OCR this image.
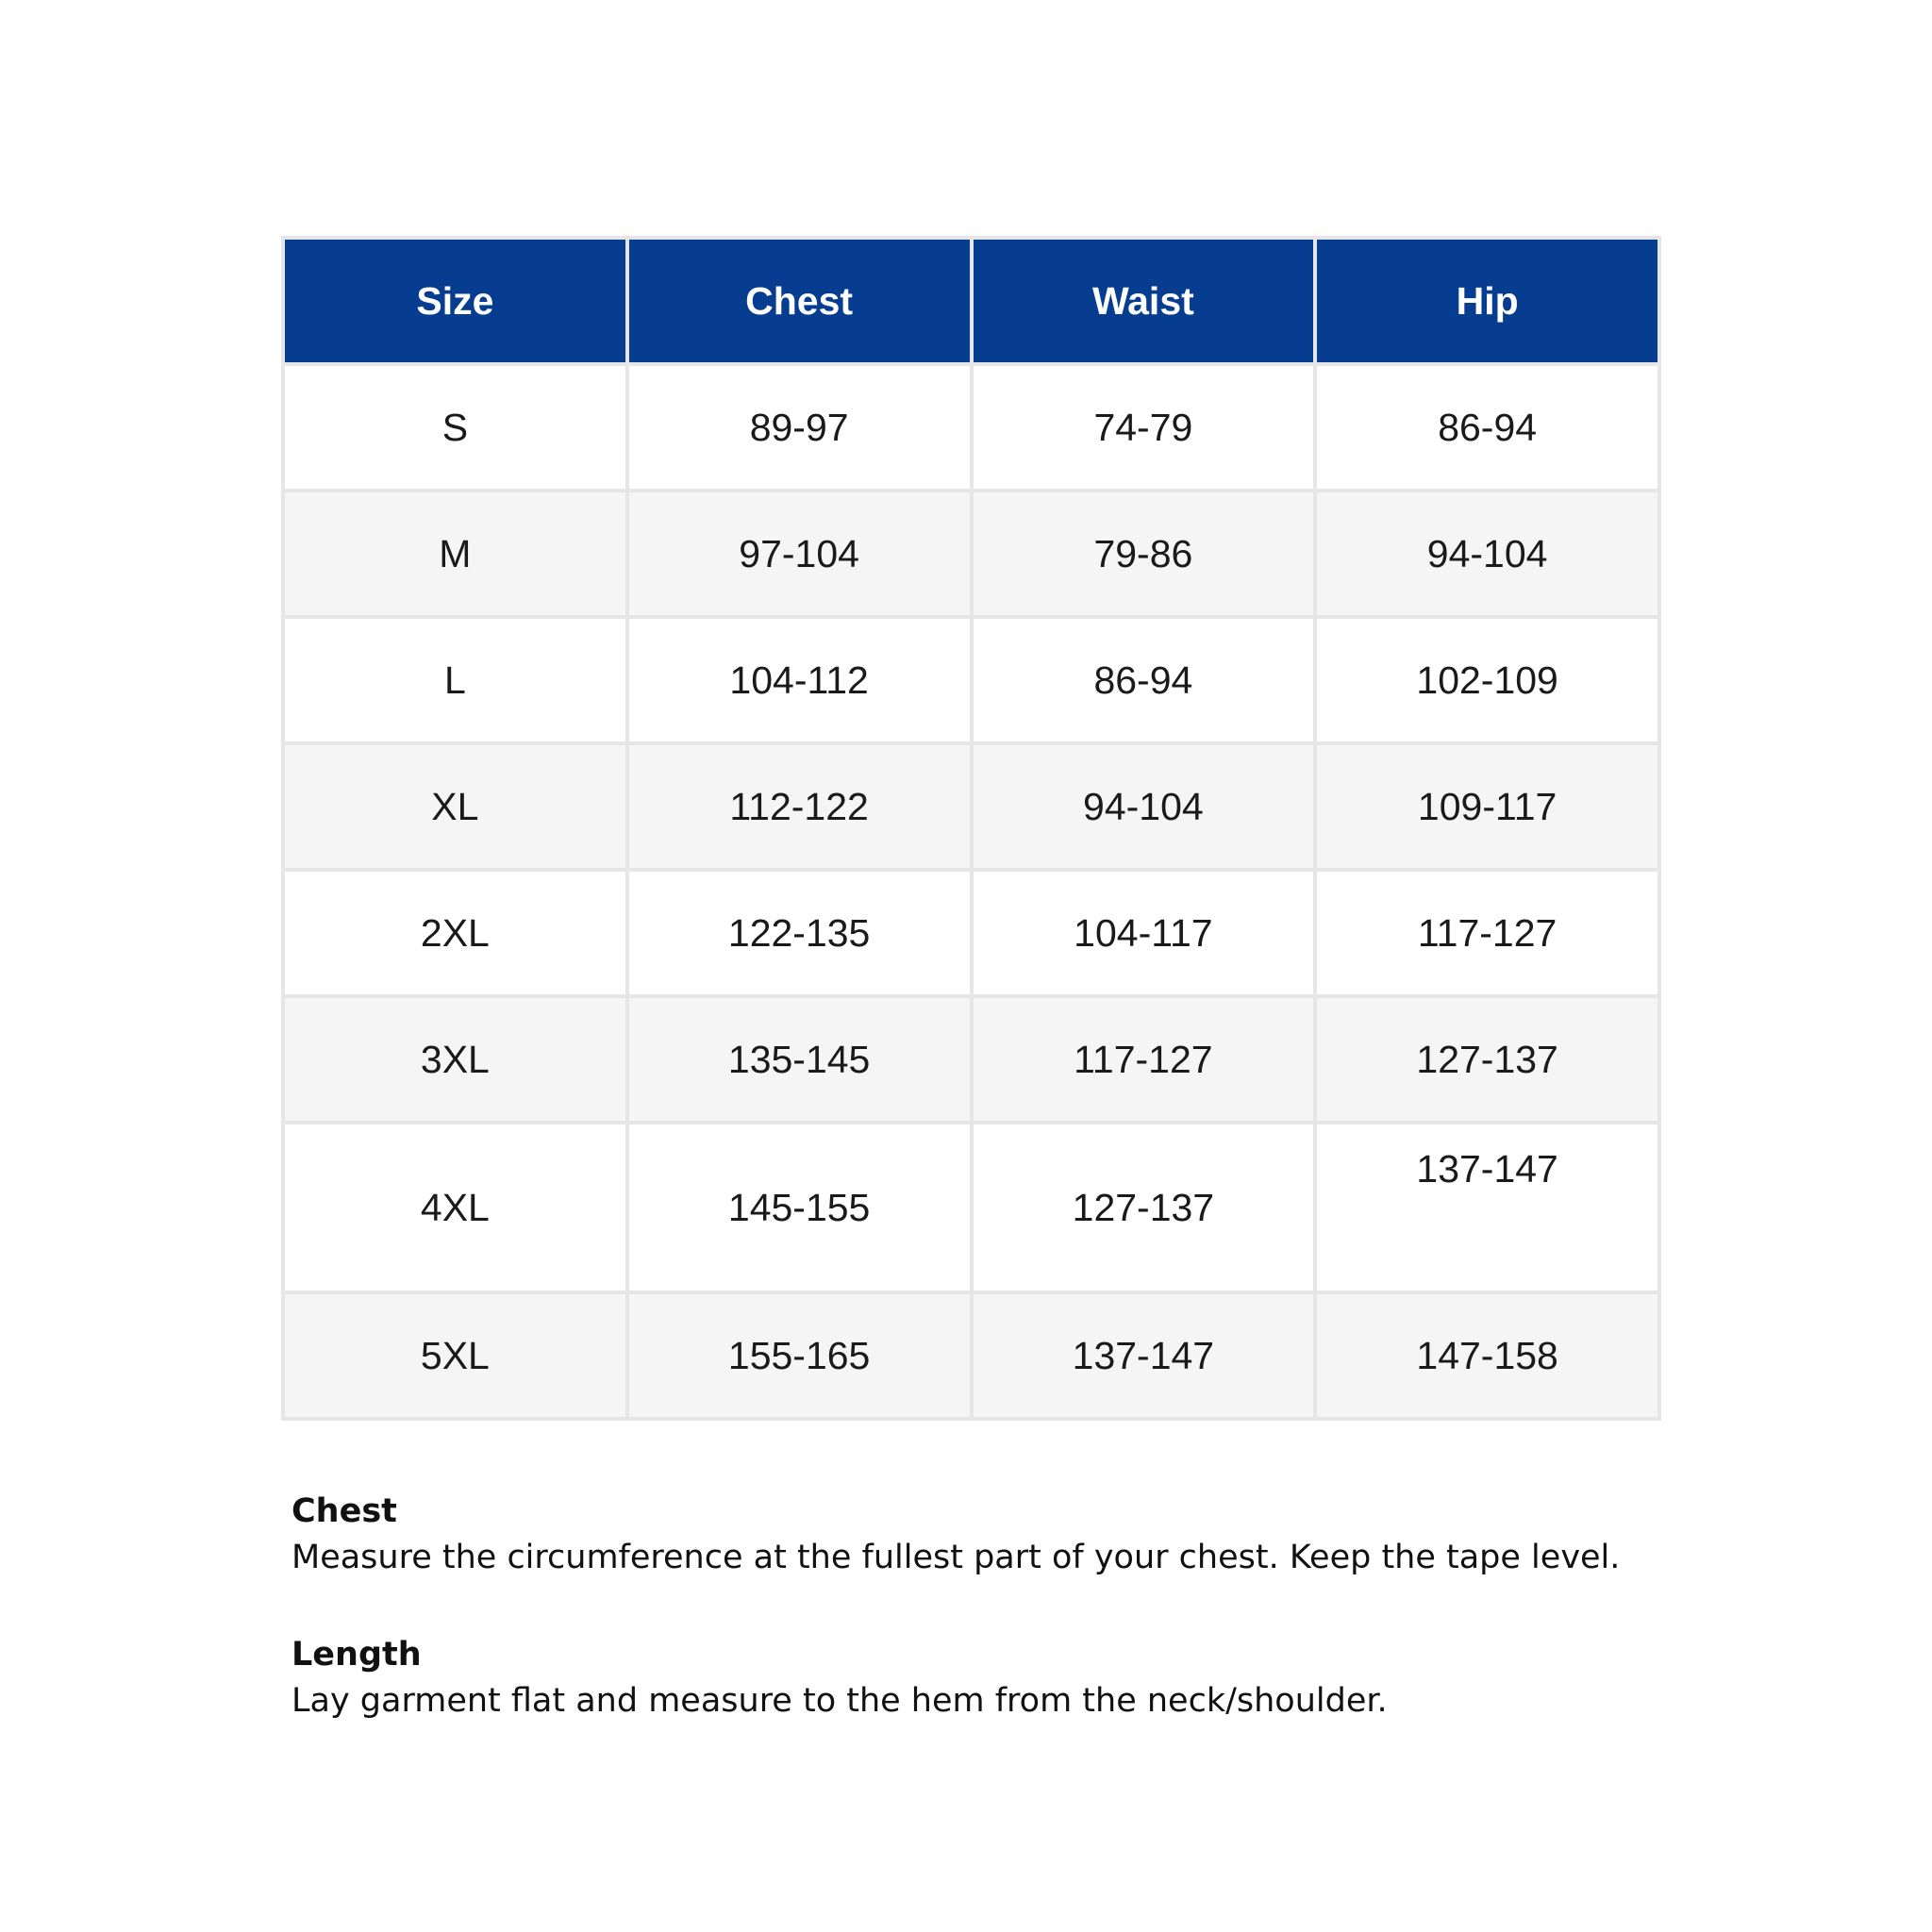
Size	Chest	Waist	Hip
S	89-97	74-79	86-94
M	97-104	79-86	94-104
L	104-112	86-94	102-109
XL	112-122	94-104	109-117
2XL	122-135	104-117	117-127
3XL	135-145	117-127	127-137
4XL	145-155	127-137	137-147
5XL	155-165	137-147	147-158
Chest
Measure the circumference at the fullest part of your chest. Keep the tape level.
Length
Lay garment flat and measure to the hem from the neck/shoulder.
